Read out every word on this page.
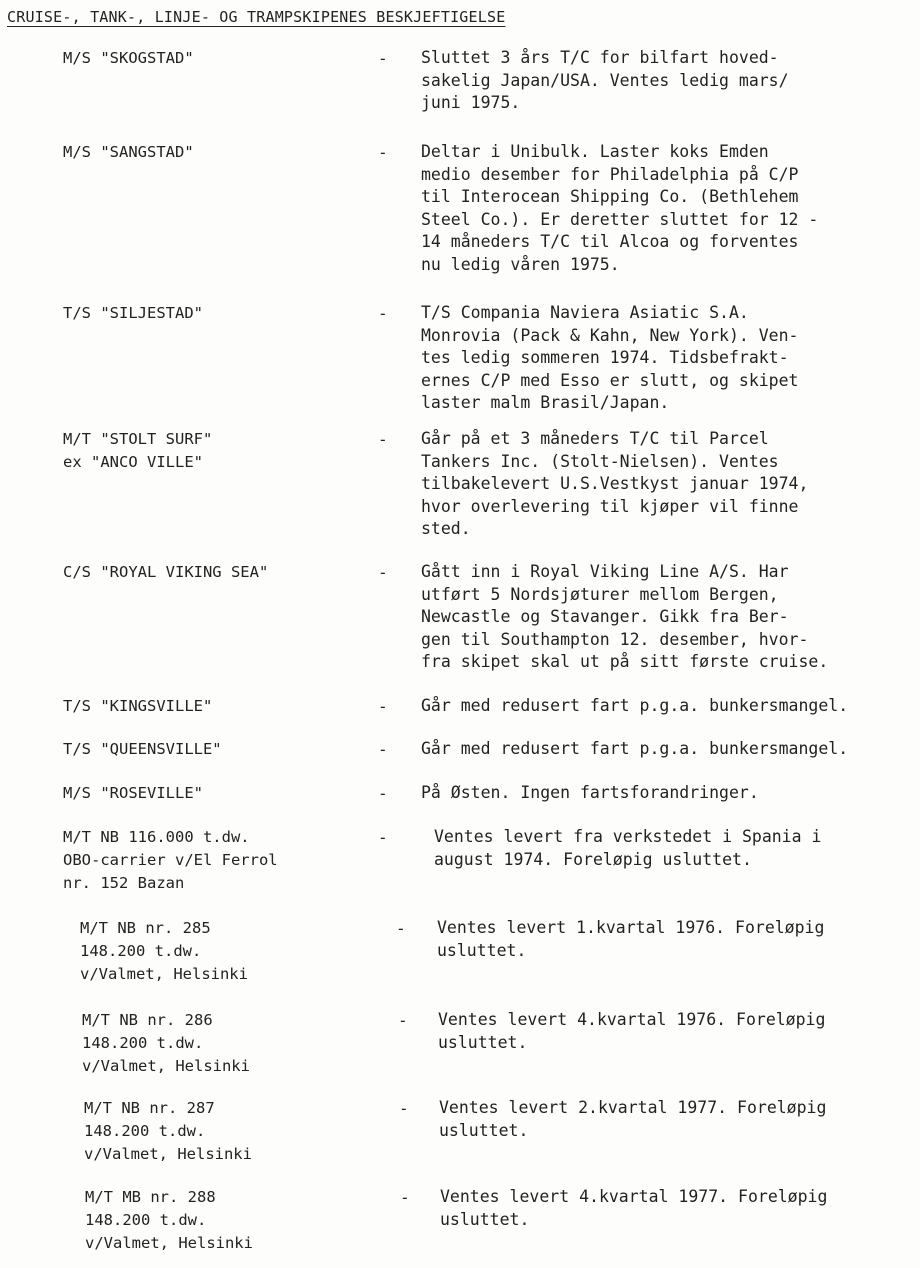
CRUISE-, TANK-, LINJE- OG TRAMPSKIPENES BESKJEFTIGELSE
M/S "SKOGSTAD"	- Sluttet 3 års T/C for bilfart hoved-
sakelig Japan/USA. Ventes ledig mars/
juni 1975.
M/S "SANGSTAD"	- Deltar i Unibulk. Laster koks Emden
medio desember for Philadelphia på C/P
til Interocean Shipping Co. (Bethlehem
Steel Co.). Er deretter sluttet for 12 -
14 måneders T/C til Alcoa og forventes
nu ledig våren 1975.
T/S "SILJESTAD"	- T/S Compania Naviera Asiatic S.A.
Monrovia (Pack & Kahn, New York). Ven-
tes ledig sommeren 1974. Tidsbefrakt-
ernes C/P med Esso er slutt, og skipet
laster malm Brasil/Japan.
M/T "STOLT SURF"
ex "ANCO VILLE"
- Går på et 3 måneders T/C til Parcel
Tankers Inc. (Stolt-Nielsen). Ventes
tilbakelevert U.S.Vestkyst januar 1974,
hvor overlevering til kjøper vil finne
sted.
C/S "ROYAL VIKING SEA"	- Gått inn i Royal Viking Line A/S. Har
utført 5 Nordsjøturer mellom Bergen,
Newcastle og Stavanger. Gikk fra Ber-
gen til Southampton 12. desember, hvor-
fra skipet skal ut på sitt første cruise.
T/S "KINGSVILLE"	- Går med redusert fart p.g.a. bunkersmangel.
T/S "QUEENSVILLE"	- Går med redusert fart p.g.a. bunkersmangel.
M/S "ROSEVILLE"	- På Østen. Ingen fartsforandringer.
M/T NB 116.000 t.dw.
OBO-carrier v/El Ferrol
nr. 152 Bazan
-	Ventes levert fra verkstedet i Spania i
august 1974. Foreløpig usluttet.
M/T NB nr. 285
148.200 t.dw.
v/Valmet, Helsinki
- Ventes levert 1.kvartal 1976. Foreløpig
usluttet.
M/T NB nr. 286
148.200 t.dw.
v/Valmet, Helsinki
- Ventes levert 4.kvartal 1976. Foreløpig
usluttet.
M/T NB nr. 287
148.200 t.dw.
v/Valmet, Helsinki
- Ventes levert 2.kvartal 1977. Foreløpig
usluttet.
M/T MB nr. 288
148.200 t.dw.
v/Valmet, Helsinki
- Ventes levert 4.kvartal 1977. Foreløpig
usluttet.
